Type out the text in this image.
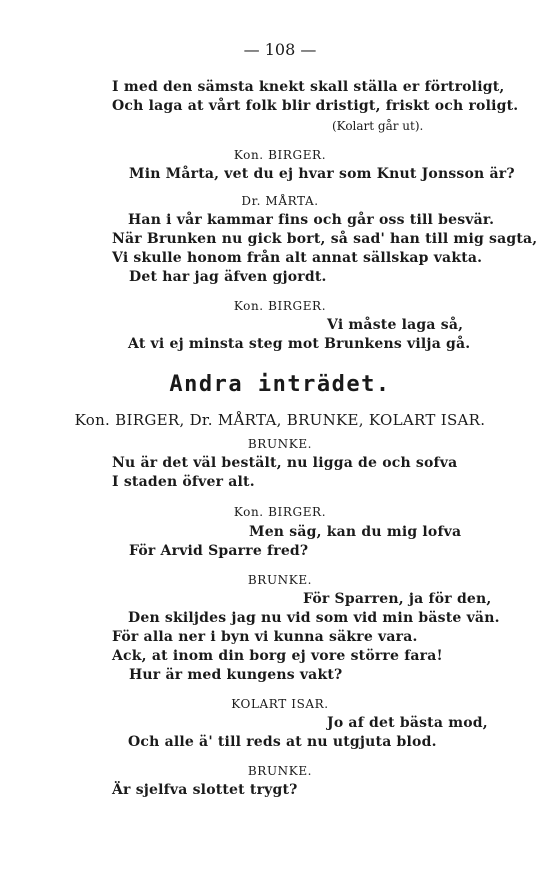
— 108 —
I med den sämsta knekt skall ställa er förtroligt,
Och laga at vårt folk blir dristigt, friskt och roligt.
(Kolart går ut).
Kon. BIRGER.
Min Mårta, vet du ej hvar som Knut Jonsson är?
Dr. MÅRTA.
Han i vår kammar fins och går oss till besvär.
När Brunken nu gick bort, så sad' han till mig sagta,
Vi skulle honom från alt annat sällskap vakta.
Det har jag äfven gjordt.
Kon. BIRGER.
Vi måste laga så,
At vi ej minsta steg mot Brunkens vilja gå.
Andra inträdet.
Kon. BIRGER, Dr. MÅRTA, BRUNKE, KOLART ISAR.
BRUNKE.
Nu är det väl bestält, nu ligga de och sofva
I staden öfver alt.
Kon. BIRGER.
Men säg, kan du mig lofva
För Arvid Sparre fred?
BRUNKE.
För Sparren, ja för den,
Den skiljdes jag nu vid som vid min bäste vän.
För alla ner i byn vi kunna säkre vara.
Ack, at inom din borg ej vore större fara!
Hur är med kungens vakt?
KOLART ISAR.
Jo af det bästa mod,
Och alle ä' till reds at nu utgjuta blod.
BRUNKE.
Är sjelfva slottet trygt?
